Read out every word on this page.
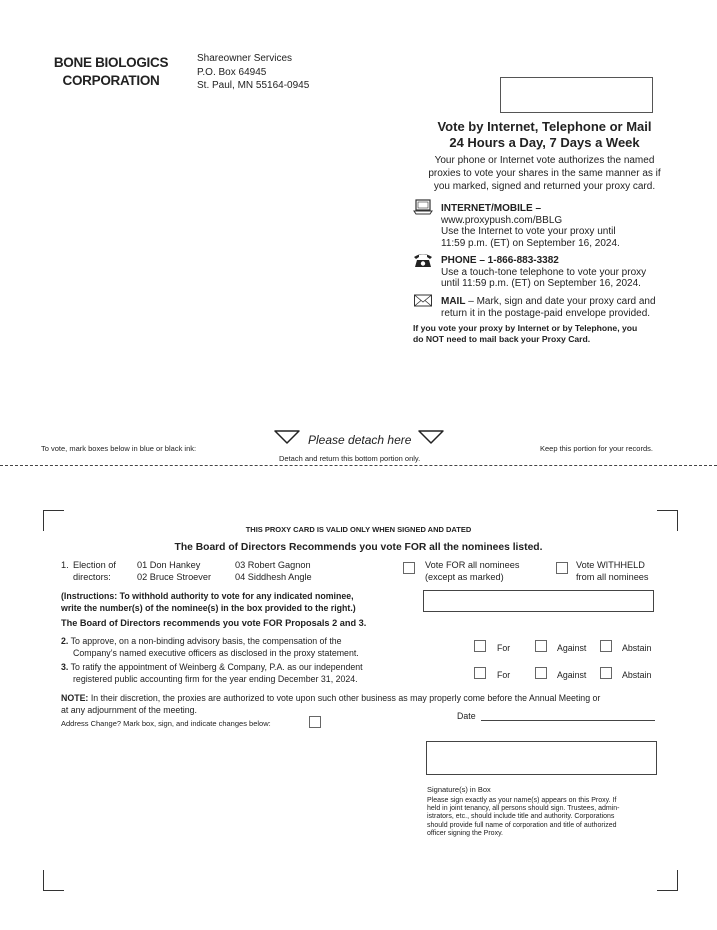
BONE BIOLOGICS
CORPORATION
Shareowner Services
P.O. Box 64945
St. Paul, MN 55164-0945
Vote by Internet, Telephone or Mail
24 Hours a Day, 7 Days a Week
Your phone or Internet vote authorizes the named
proxies to vote your shares in the same manner as if
you marked, signed and returned your proxy card.
INTERNET/MOBILE –
www.proxypush.com/BBLG
Use the Internet to vote your proxy until
11:59 p.m. (ET) on September 16, 2024.
PHONE – 1-866-883-3382
Use a touch-tone telephone to vote your proxy
until 11:59 p.m. (ET) on September 16, 2024.
MAIL – Mark, sign and date your proxy card and
return it in the postage-paid envelope provided.
If you vote your proxy by Internet or by Telephone, you
do NOT need to mail back your Proxy Card.
To vote, mark boxes below in blue or black ink:
Please detach here
Detach and return this bottom portion only.
Keep this portion for your records.
THIS PROXY CARD IS VALID ONLY WHEN SIGNED AND DATED
The Board of Directors Recommends you vote FOR all the nominees listed.
1. Election of
directors:
01 Don Hankey
02 Bruce Stroever
03 Robert Gagnon
04 Siddhesh Angle
Vote FOR all nominees
(except as marked)
Vote WITHHELD
from all nominees
(Instructions: To withhold authority to vote for any indicated nominee,
write the number(s) of the nominee(s) in the box provided to the right.)
The Board of Directors recommends you vote FOR Proposals 2 and 3.
2. To approve, on a non-binding advisory basis, the compensation of the
Company’s named executive officers as disclosed in the proxy statement.	For	Against	Abstain
3. To ratify the appointment of Weinberg & Company, P.A. as our independent
registered public accounting firm for the year ending December 31, 2024.	For	Against	Abstain
NOTE: In their discretion, the proxies are authorized to vote upon such other business as may properly come before the Annual Meeting or
at any adjournment of the meeting.
Date
Address Change? Mark box, sign, and indicate changes below:
Signature(s) in Box
Please sign exactly as your name(s) appears on this Proxy. If
held in joint tenancy, all persons should sign. Trustees, admin-
istrators, etc., should include title and authority. Corporations
should provide full name of corporation and title of authorized
officer signing the Proxy.
